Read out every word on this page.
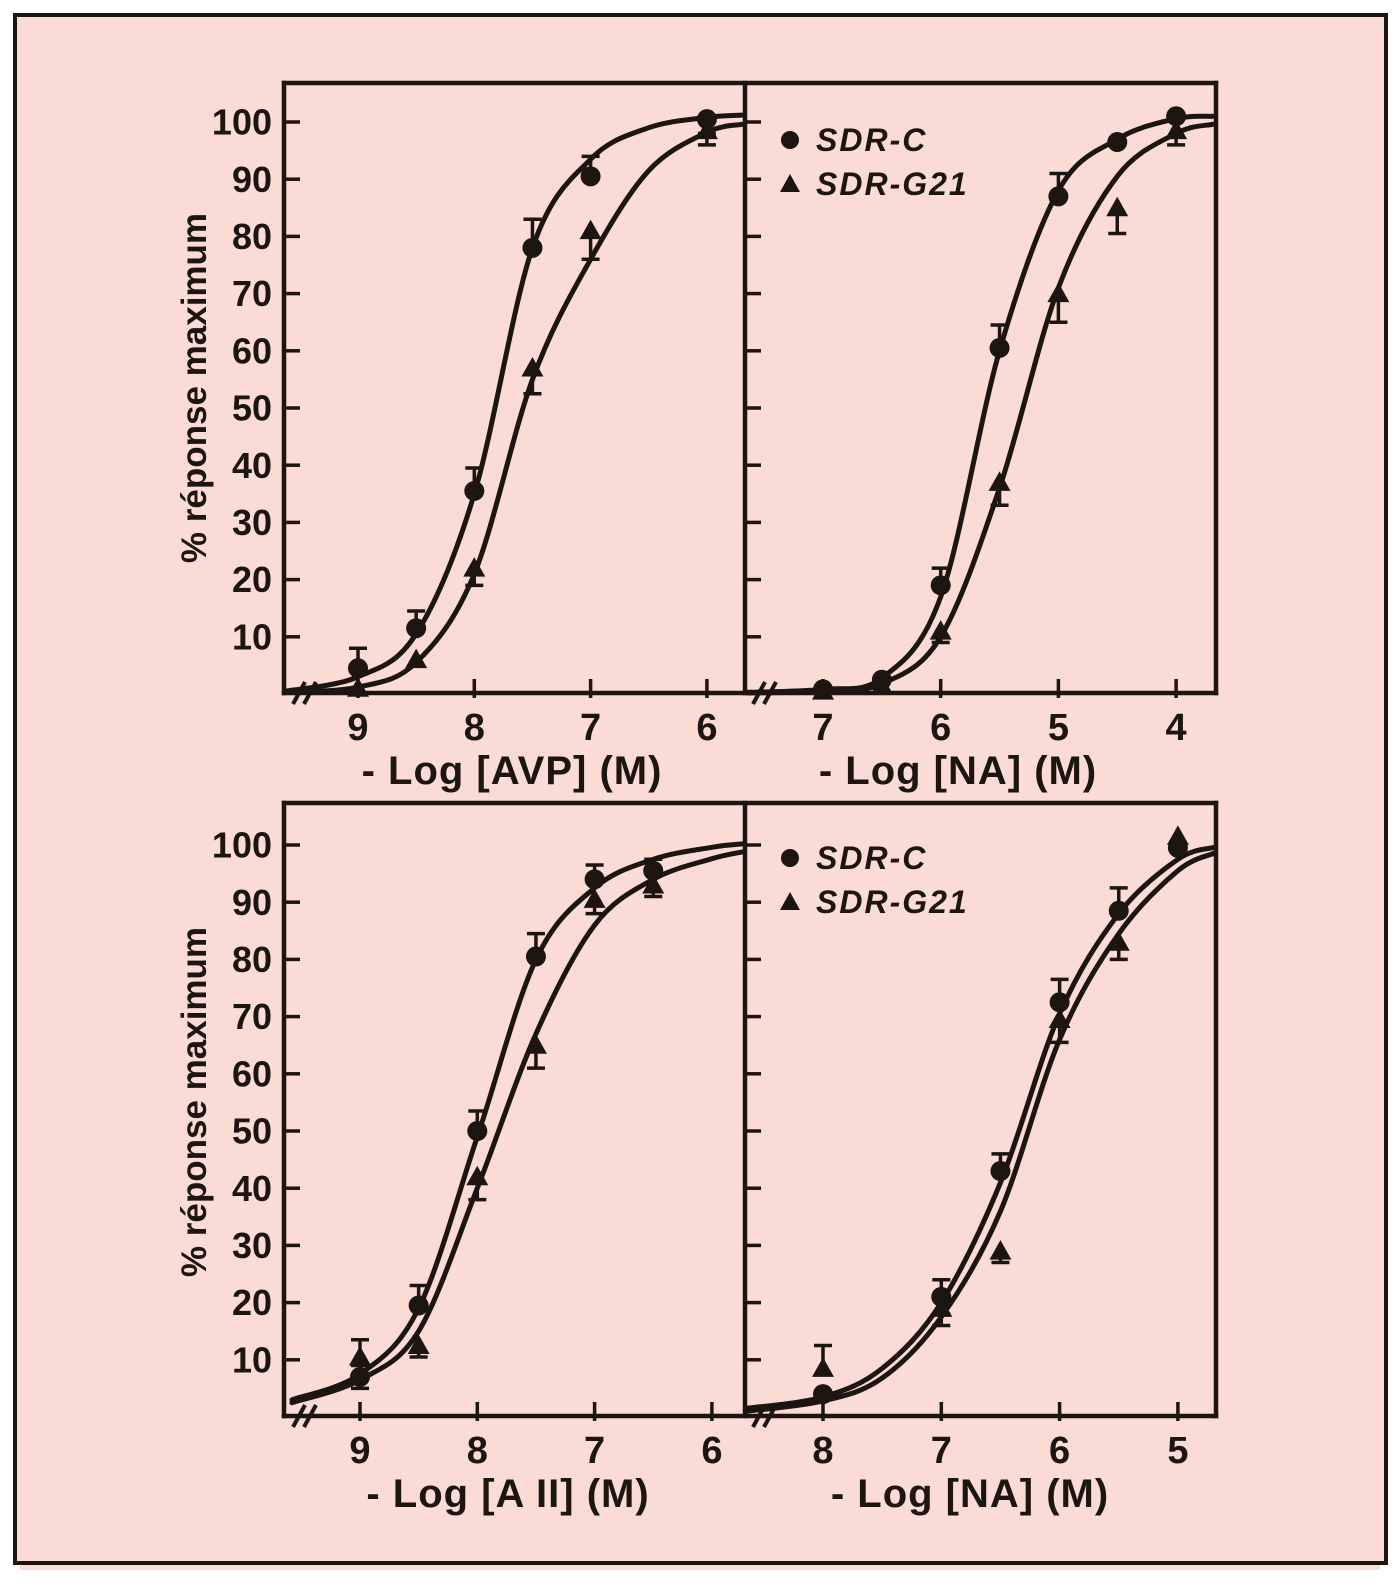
10
20
30
40
50
60
70
80
90
100
% réponse maximum
10
20
30
40
50
60
70
80
90
100
% réponse maximum
9	8	7	6
- Log [AVP] (M)
7	6	5	4
- Log [NA] (M)
SDR-C
SDR-G21
9	8	7	6
- Log [A II] (M)
8	7	6	5
- Log [NA] (M)
SDR-C
SDR-G21
